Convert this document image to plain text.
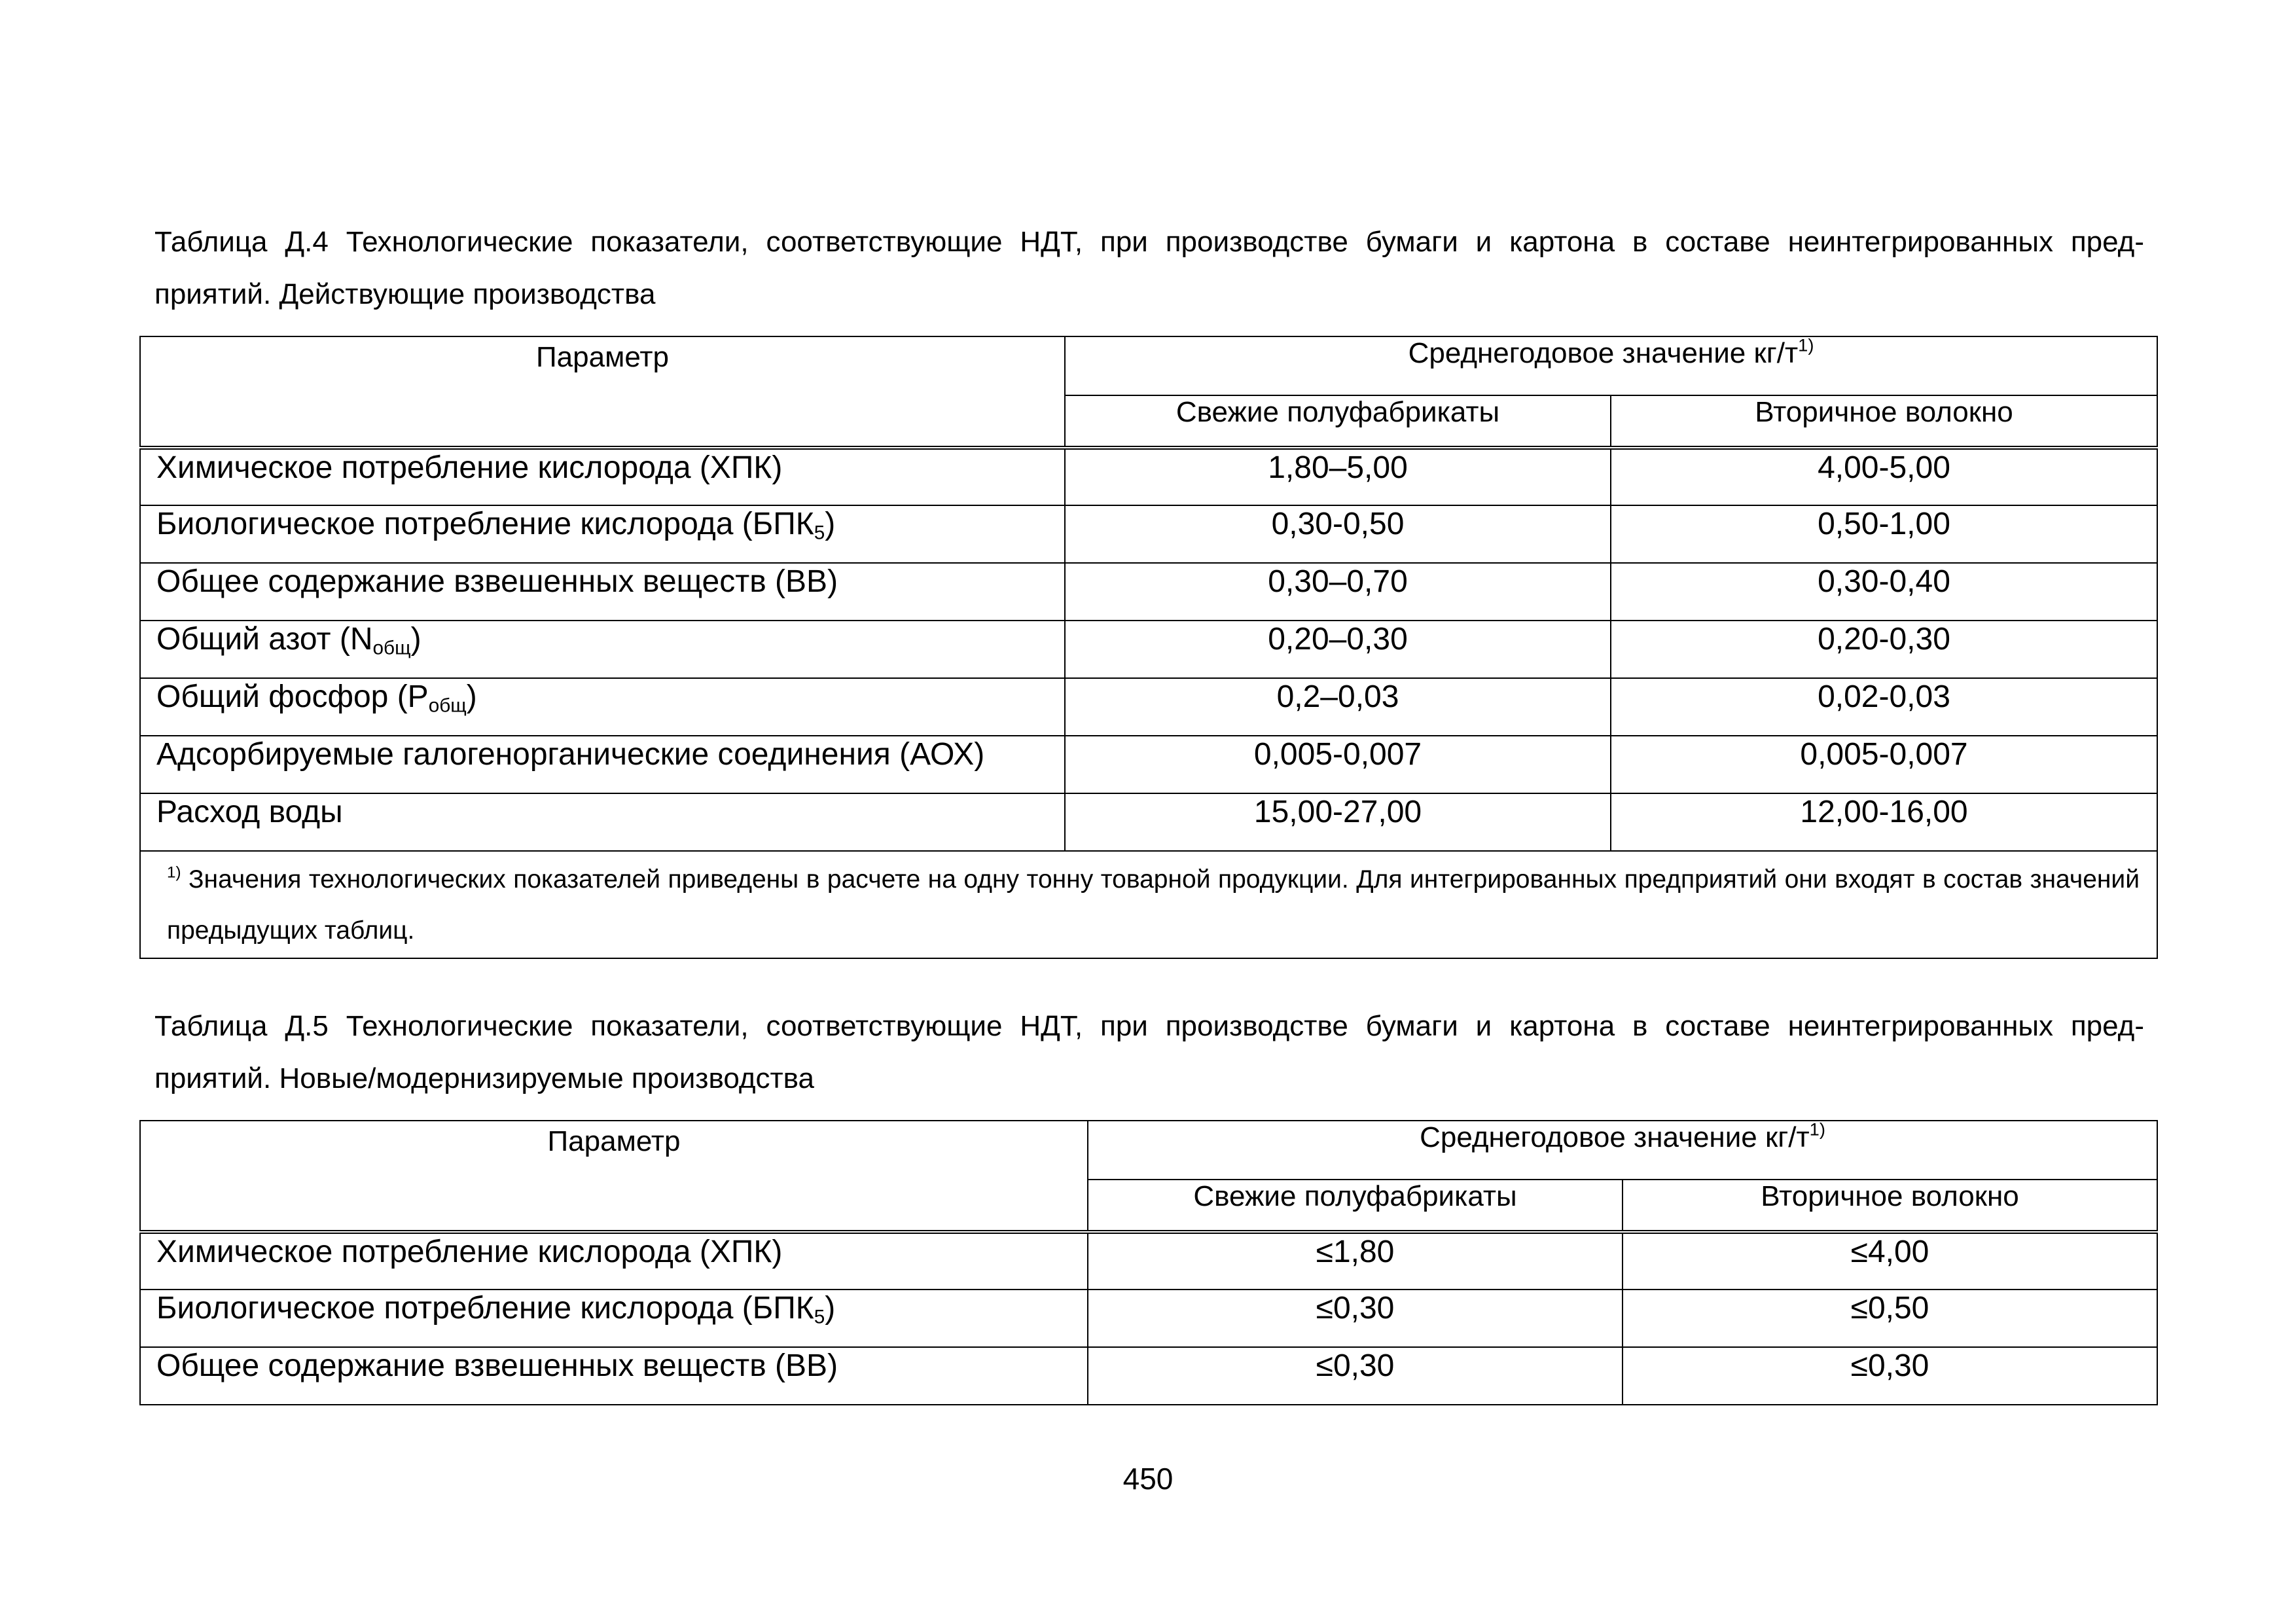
Таблица Д.4 Технологические показатели, соответствующие НДТ, при производстве бумаги и картона в составе неинтегрированных пред-
приятий. Действующие производства
Параметр	Среднегодовое значение $кг/т^{1)}$
	Свежие полуфабрикаты	Вторичное волокно
Химическое потребление кислорода (ХПК)	1,80–5,00	4,00-5,00
Биологическое потребление кислорода $(БПК_5)$	0,30-0,50	0,50-1,00
Общее содержание взвешенных веществ (ВВ)	0,30–0,70	0,30-0,40
Общий азот $(N_{общ})$	0,20–0,30	0,20-0,30
Общий фосфор $(P_{общ})$	0,2–0,03	0,02-0,03
Адсорбируемые галогенорганические соединения (АОХ)	0,005-0,007	0,005-0,007
Расход воды	15,00-27,00	12,00-16,00
$^{1)}$ Значения технологических показателей приведены в расчете на одну тонну товарной продукции. Для интегрированных предприятий они входят в состав значений предыдущих таблиц.		
Таблица Д.5 Технологические показатели, соответствующие НДТ, при производстве бумаги и картона в составе неинтегрированных пред-
приятий. Новые/модернизируемые производства
Параметр	Среднегодовое значение $кг/т^{1)}$
	Свежие полуфабрикаты	Вторичное волокно
Химическое потребление кислорода (ХПК)	≤1,80	≤4,00
Биологическое потребление кислорода $(БПК_5)$	≤0,30	≤0,50
Общее содержание взвешенных веществ (ВВ)	≤0,30	≤0,30
450
